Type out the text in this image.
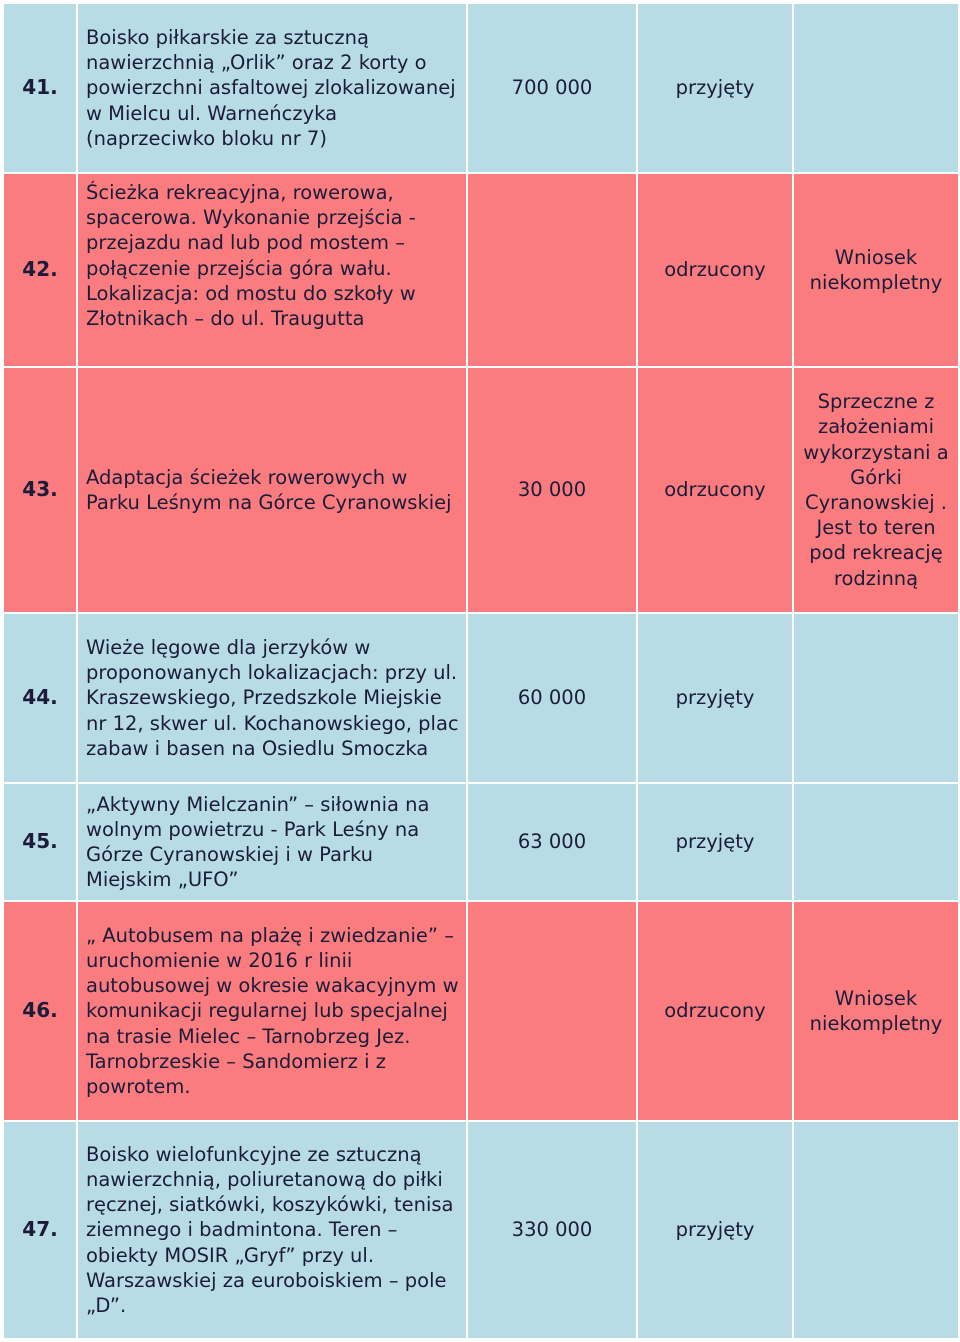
41.	Boisko piłkarskie za sztuczną nawierzchnią „Orlik” oraz 2 korty o powierzchni asfaltowej zlokalizowanej w Mielcu ul. Warneńczyka (naprzeciwko bloku nr 7)	700 000	przyjęty	
42.	Ścieżka rekreacyjna, rowerowa, spacerowa. Wykonanie przejścia - przejazdu nad lub pod mostem – połączenie przejścia góra wału. Lokalizacja: od mostu do szkoły w Złotnikach – do ul. Traugutta		odrzucony	Wniosek niekompletny
43.	Adaptacja ścieżek rowerowych w Parku Leśnym na Górce Cyranowskiej	30 000	odrzucony	Sprzeczne z założeniami wykorzystani a Górki Cyranowskiej . Jest to teren pod rekreację rodzinną
44.	Wieże lęgowe dla jerzyków w proponowanych lokalizacjach: przy ul. Kraszewskiego, Przedszkole Miejskie nr 12, skwer ul. Kochanowskiego, plac zabaw i basen na Osiedlu Smoczka	60 000	przyjęty	
45.	„Aktywny Mielczanin” – siłownia na wolnym powietrzu - Park Leśny na Górze Cyranowskiej i w Parku Miejskim „UFO”	63 000	przyjęty	
46.	„ Autobusem na plażę i zwiedzanie” – uruchomienie w 2016 r linii autobusowej w okresie wakacyjnym w komunikacji regularnej lub specjalnej na trasie Mielec – Tarnobrzeg Jez. Tarnobrzeskie – Sandomierz i z powrotem.		odrzucony	Wniosek niekompletny
47.	Boisko wielofunkcyjne ze sztuczną nawierzchnią, poliuretanową do piłki ręcznej, siatkówki, koszykówki, tenisa ziemnego i badmintona. Teren – obiekty MOSIR „Gryf” przy ul. Warszawskiej za euroboiskiem – pole „D”.	330 000	przyjęty	
